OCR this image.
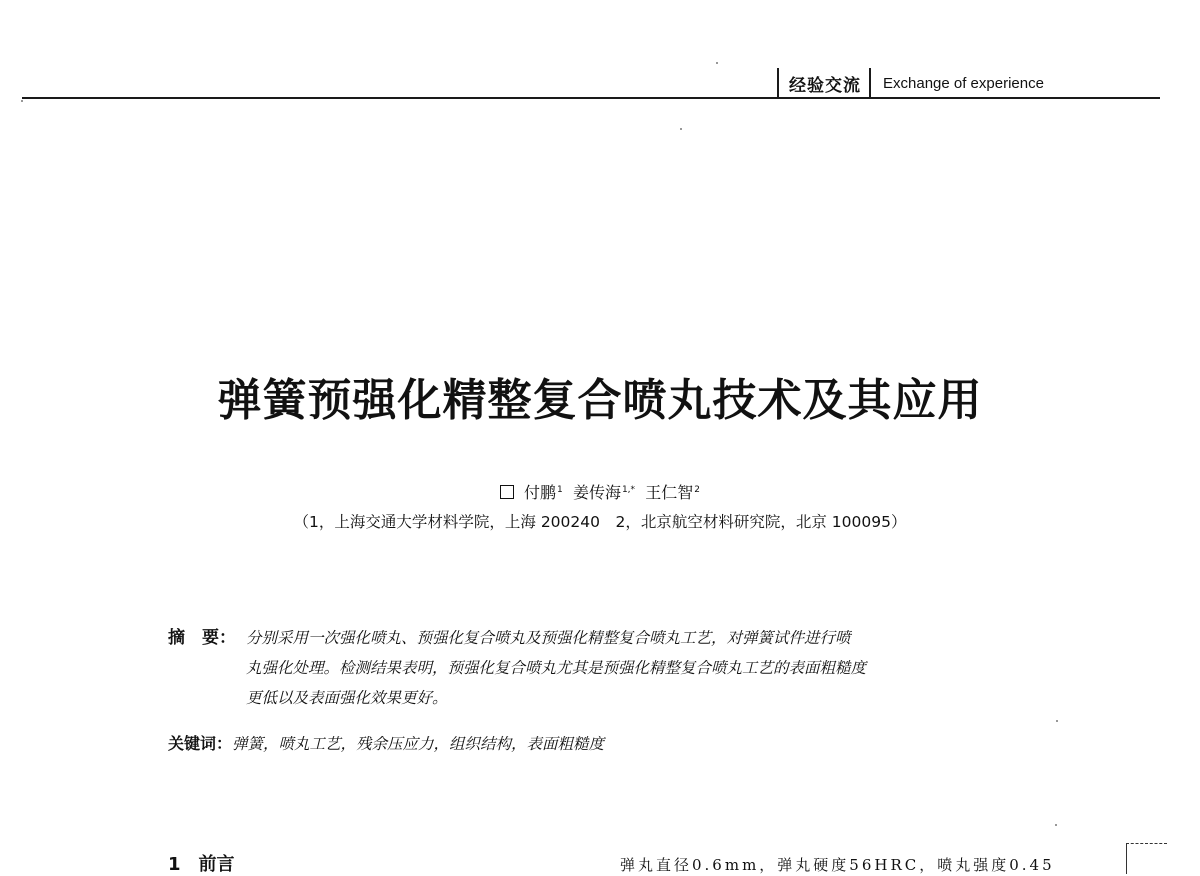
经验交流	Exchange of experience
弹簧预强化精整复合喷丸技术及其应用
付鹏$^1$ 姜传海$^{1,*}$ 王仁智$^2$
（1，上海交通大学材料学院，上海 200240　2，北京航空材料研究院，北京 100095）
摘　要： 分别采用一次强化喷丸、预强化复合喷丸及预强化精整复合喷丸工艺，对弹簧试件进行喷
丸强化处理。检测结果表明，预强化复合喷丸尤其是预强化精整复合喷丸工艺的表面粗糙度
更低以及表面强化效果更好。
关键词：弹簧，喷丸工艺，残余压应力，组织结构，表面粗糙度
1　前言	弹丸直径0.6mm，弹丸硬度56HRC，喷丸强度0.45
